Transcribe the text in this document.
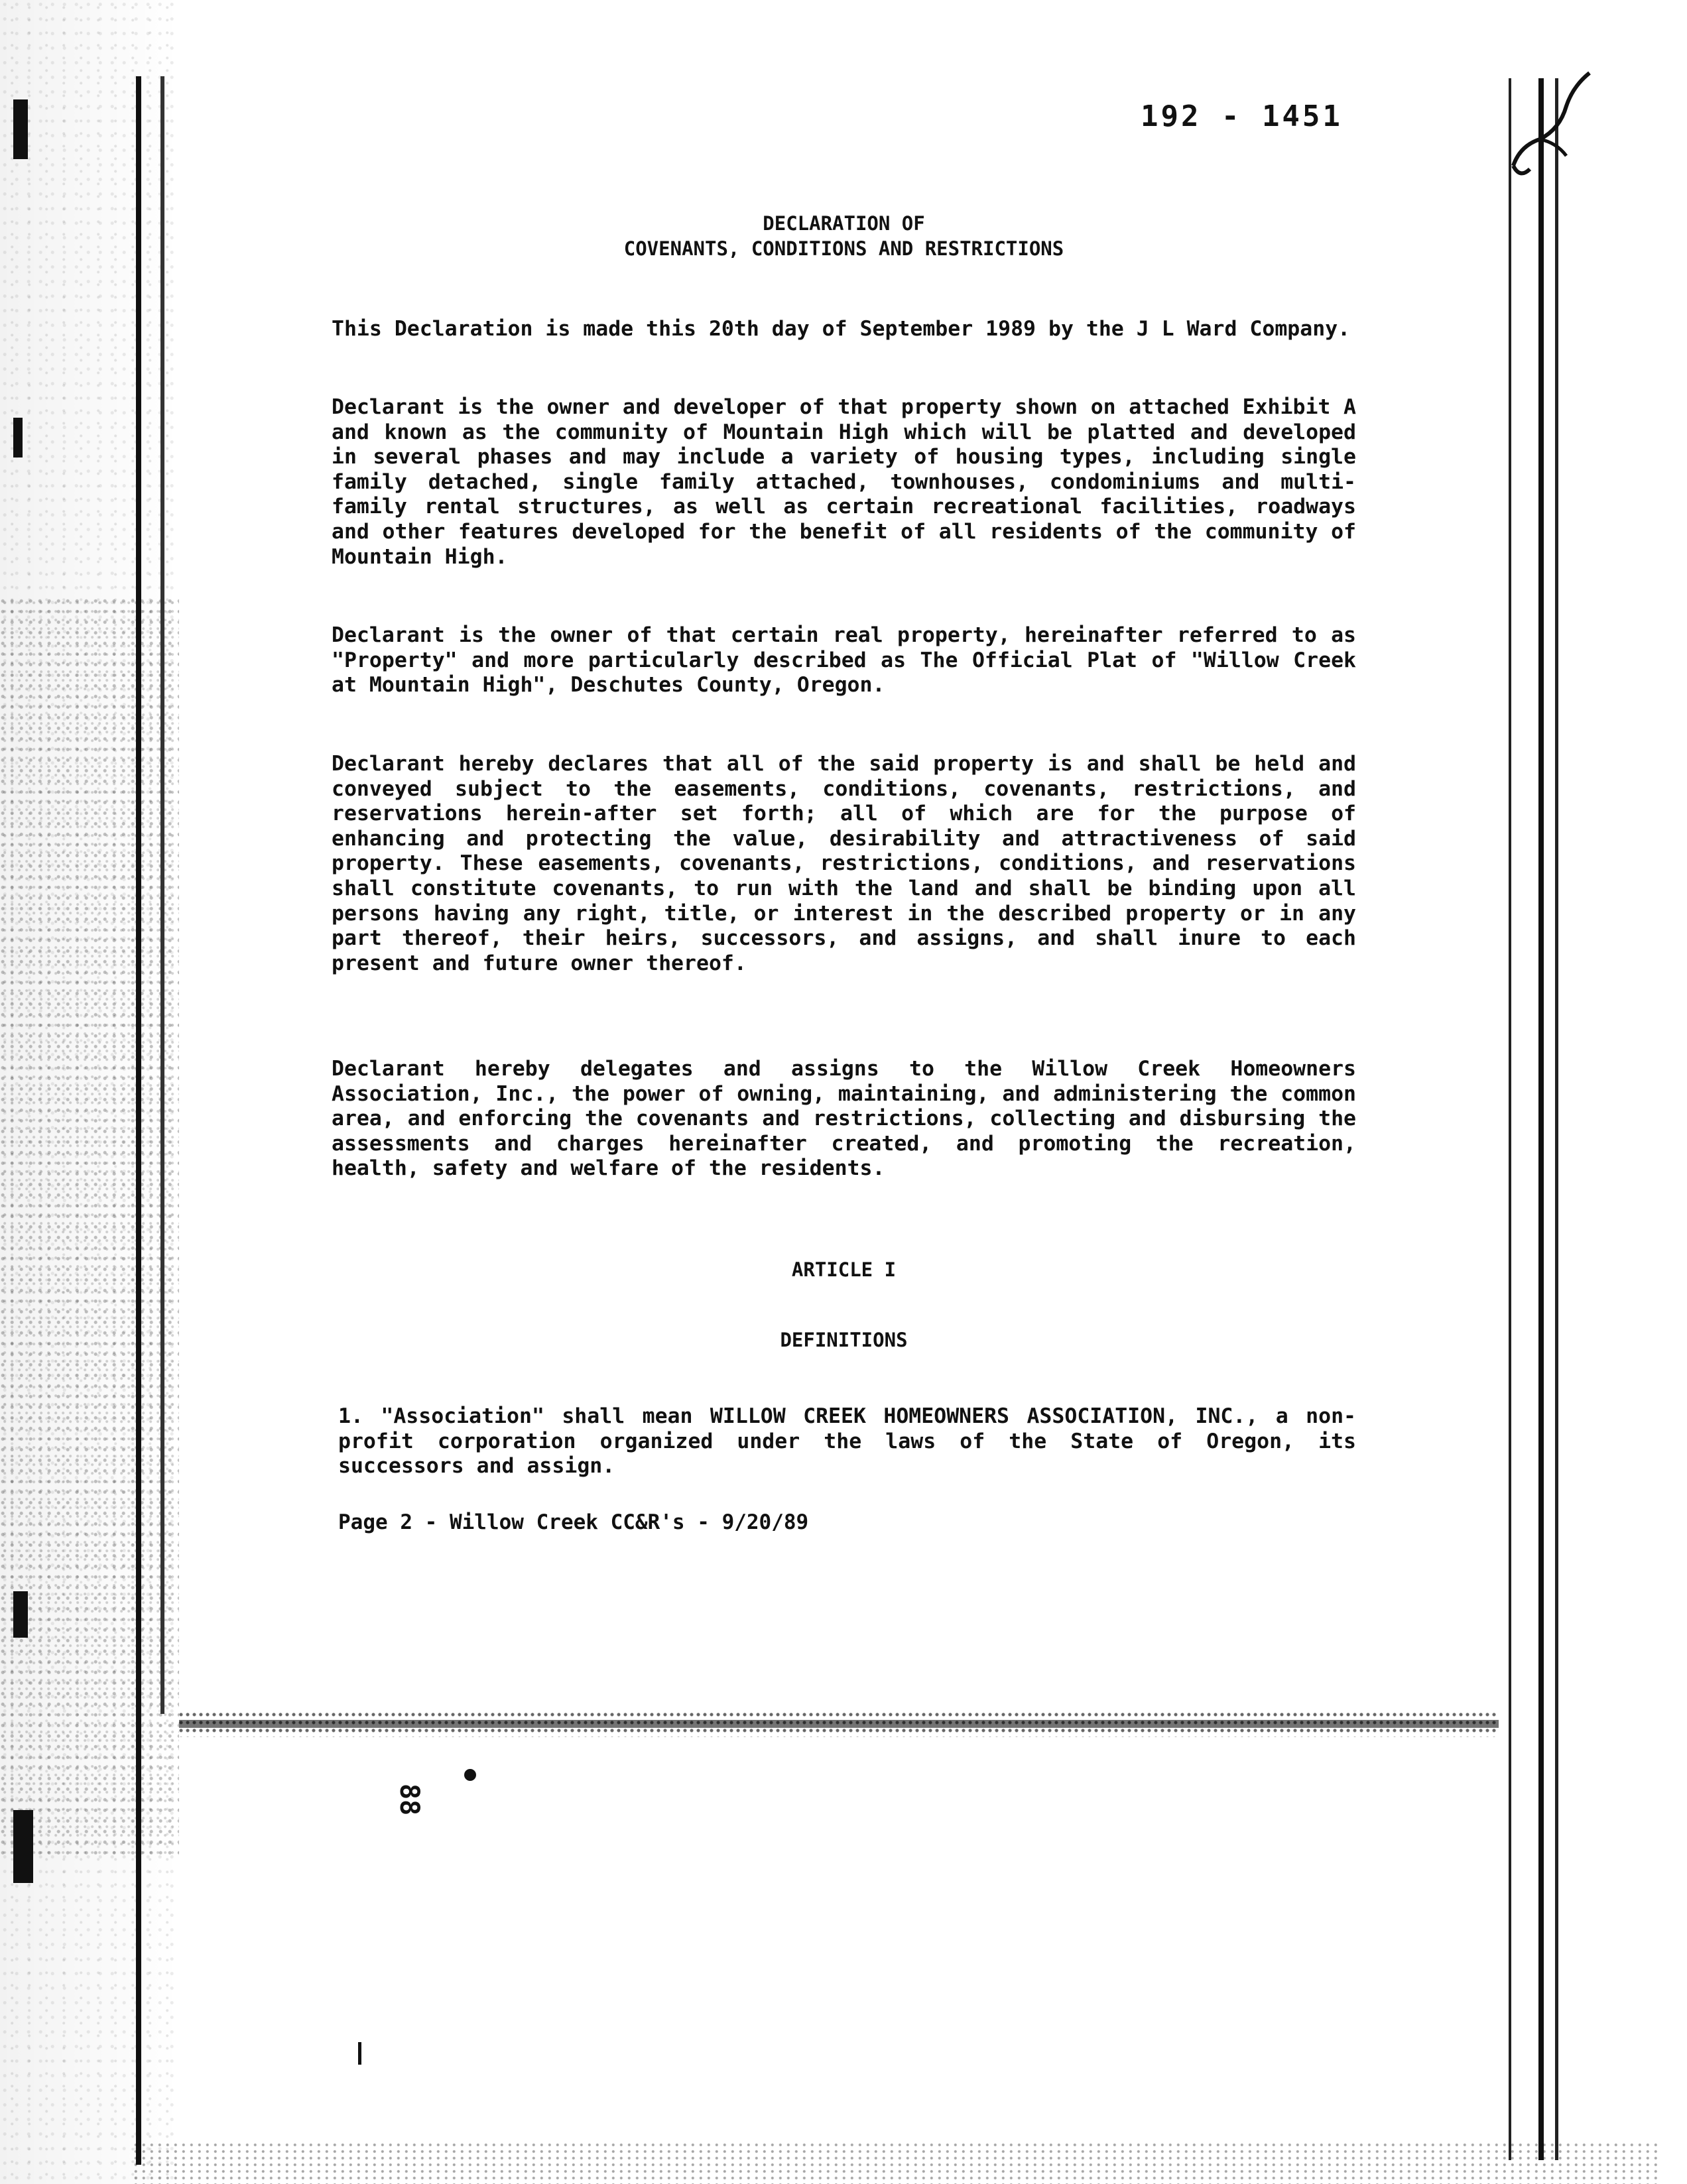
192 - 1451
DECLARATION OF
COVENANTS, CONDITIONS AND RESTRICTIONS

This Declaration is made this 20th day of September 1989 by the J L Ward Company.

Declarant is the owner and developer of that property shown on attached Exhibit A and known as the community of Mountain High which will be platted and developed in several phases and may include a variety of housing types, including single family detached, single family attached, townhouses, condominiums and multi-family rental structures, as well as certain recreational facilities, roadways and other features developed for the benefit of all residents of the community of Mountain High.

Declarant is the owner of that certain real property, hereinafter referred to as "Property" and more particularly described as The Official Plat of "Willow Creek at Mountain High", Deschutes County, Oregon.

Declarant hereby declares that all of the said property is and shall be held and conveyed subject to the easements, conditions, covenants, restrictions, and reservations herein-after set forth; all of which are for the purpose of enhancing and protecting the value, desirability and attractiveness of said property. These easements, covenants, restrictions, conditions, and reservations shall constitute covenants, to run with the land and shall be binding upon all persons having any right, title, or interest in the described property or in any part thereof, their heirs, successors, and assigns, and shall inure to each present and future owner thereof.

Declarant hereby delegates and assigns to the Willow Creek Homeowners Association, Inc., the power of owning, maintaining, and administering the common area, and enforcing the covenants and restrictions, collecting and disbursing the assessments and charges hereinafter created, and promoting the recreation, health, safety and welfare of the residents.

ARTICLE I
DEFINITIONS

1. "Association" shall mean WILLOW CREEK HOMEOWNERS ASSOCIATION, INC., a non-profit corporation organized under the laws of the State of Oregon, its successors and assign.

Page 2 - Willow Creek CC&R's - 9/20/89
88
